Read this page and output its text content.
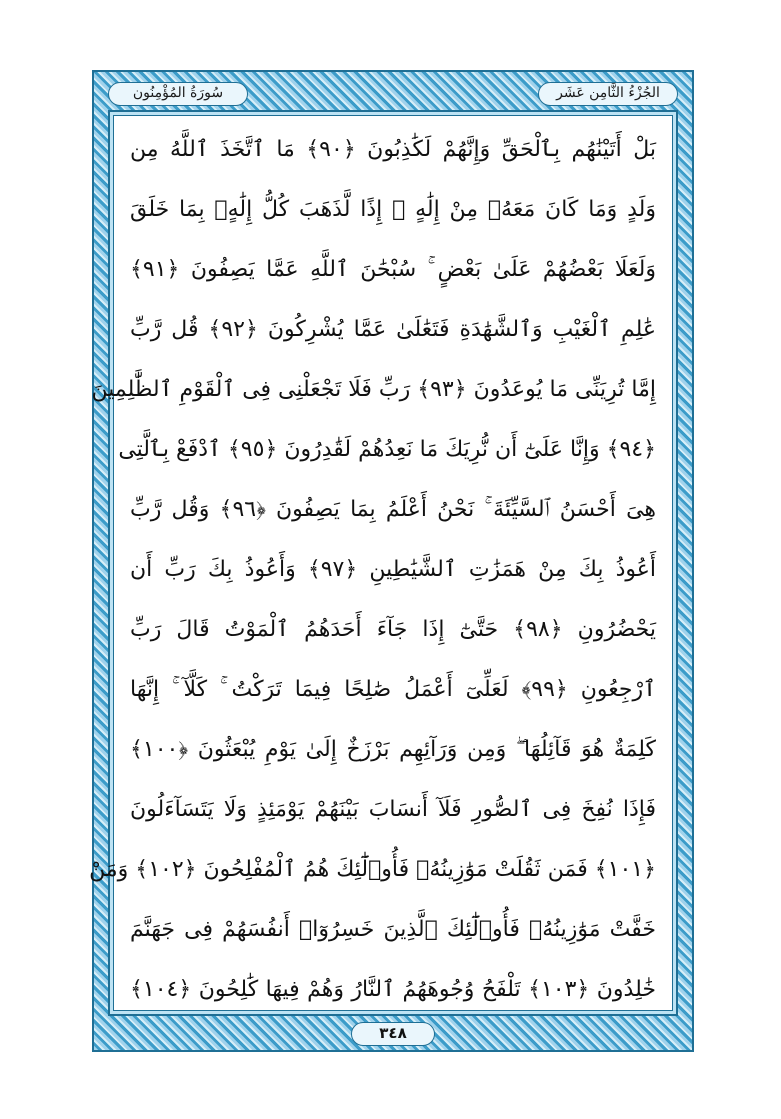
الجُزْءُ الثَّامِن عَشَر
سُورَةُ المُؤْمِنُون
بَلْ أَتَيْنَٰهُم بِٱلْحَقِّ وَإِنَّهُمْ لَكَٰذِبُونَ ﴿٩٠﴾ مَا ٱتَّخَذَ ٱللَّهُ مِن
وَلَدٍ وَمَا كَانَ مَعَهُۥ مِنْ إِلَٰهٍ ۚ إِذًا لَّذَهَبَ كُلُّ إِلَٰهٍۭ بِمَا خَلَقَ
وَلَعَلَا بَعْضُهُمْ عَلَىٰ بَعْضٍ ۚ سُبْحَٰنَ ٱللَّهِ عَمَّا يَصِفُونَ ﴿٩١﴾
عَٰلِمِ ٱلْغَيْبِ وَٱلشَّهَٰدَةِ فَتَعَٰلَىٰ عَمَّا يُشْرِكُونَ ﴿٩٢﴾ قُل رَّبِّ
إِمَّا تُرِيَنِّى مَا يُوعَدُونَ ﴿٩٣﴾ رَبِّ فَلَا تَجْعَلْنِى فِى ٱلْقَوْمِ ٱلظَّٰلِمِينَ
﴿٩٤﴾ وَإِنَّا عَلَىٰٓ أَن نُّرِيَكَ مَا نَعِدُهُمْ لَقَٰدِرُونَ ﴿٩٥﴾ ٱدْفَعْ بِٱلَّتِى
هِىَ أَحْسَنُ ٱلسَّيِّئَةَ ۚ نَحْنُ أَعْلَمُ بِمَا يَصِفُونَ ﴿٩٦﴾ وَقُل رَّبِّ
أَعُوذُ بِكَ مِنْ هَمَزَٰتِ ٱلشَّيَٰطِينِ ﴿٩٧﴾ وَأَعُوذُ بِكَ رَبِّ أَن
يَحْضُرُونِ ﴿٩٨﴾ حَتَّىٰٓ إِذَا جَآءَ أَحَدَهُمُ ٱلْمَوْتُ قَالَ رَبِّ
ٱرْجِعُونِ ﴿٩٩﴾ لَعَلِّىٓ أَعْمَلُ صَٰلِحًا فِيمَا تَرَكْتُ ۚ كَلَّآ ۚ إِنَّهَا
كَلِمَةٌ هُوَ قَآئِلُهَا ۖ وَمِن وَرَآئِهِم بَرْزَخٌ إِلَىٰ يَوْمِ يُبْعَثُونَ ﴿١٠٠﴾
فَإِذَا نُفِخَ فِى ٱلصُّورِ فَلَآ أَنسَابَ بَيْنَهُمْ يَوْمَئِذٍ وَلَا يَتَسَآءَلُونَ
﴿١٠١﴾ فَمَن ثَقُلَتْ مَوَٰزِينُهُۥ فَأُو۟لَٰٓئِكَ هُمُ ٱلْمُفْلِحُونَ ﴿١٠٢﴾ وَمَنْ
خَفَّتْ مَوَٰزِينُهُۥ فَأُو۟لَٰٓئِكَ ٱلَّذِينَ خَسِرُوٓا۟ أَنفُسَهُمْ فِى جَهَنَّمَ
خَٰلِدُونَ ﴿١٠٣﴾ تَلْفَحُ وُجُوهَهُمُ ٱلنَّارُ وَهُمْ فِيهَا كَٰلِحُونَ ﴿١٠٤﴾
٣٤٨
